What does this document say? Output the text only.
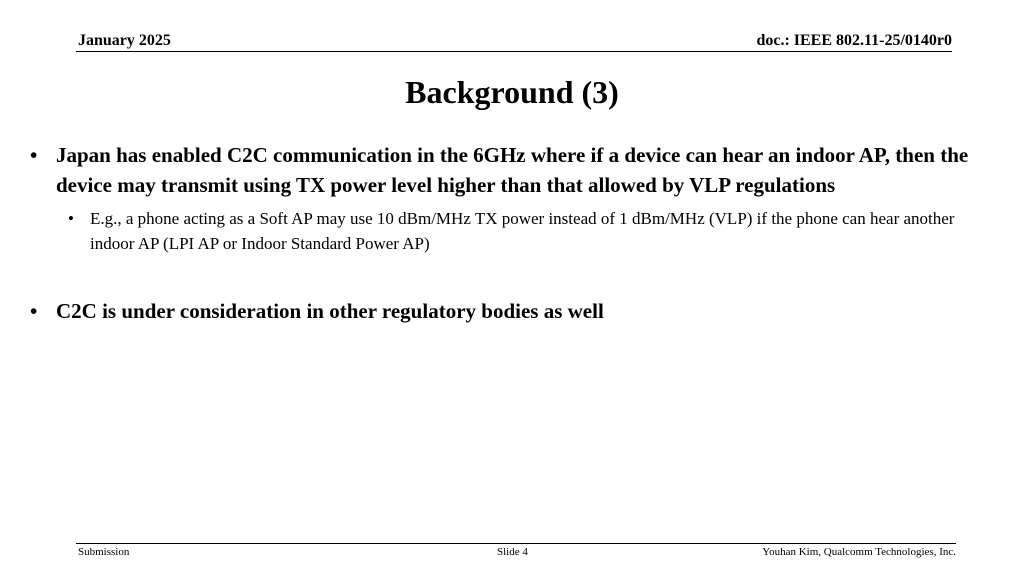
January 2025	doc.: IEEE 802.11-25/0140r0
Background (3)
• Japan has enabled C2C communication in the 6GHz where if a device can hear an indoor AP, then the device may transmit using TX power level higher than that allowed by VLP regulations
• E.g., a phone acting as a Soft AP may use 10 dBm/MHz TX power instead of 1 dBm/MHz (VLP) if the phone can hear another indoor AP (LPI AP or Indoor Standard Power AP)
• C2C is under consideration in other regulatory bodies as well
Submission	Slide 4	Youhan Kim, Qualcomm Technologies, Inc.
